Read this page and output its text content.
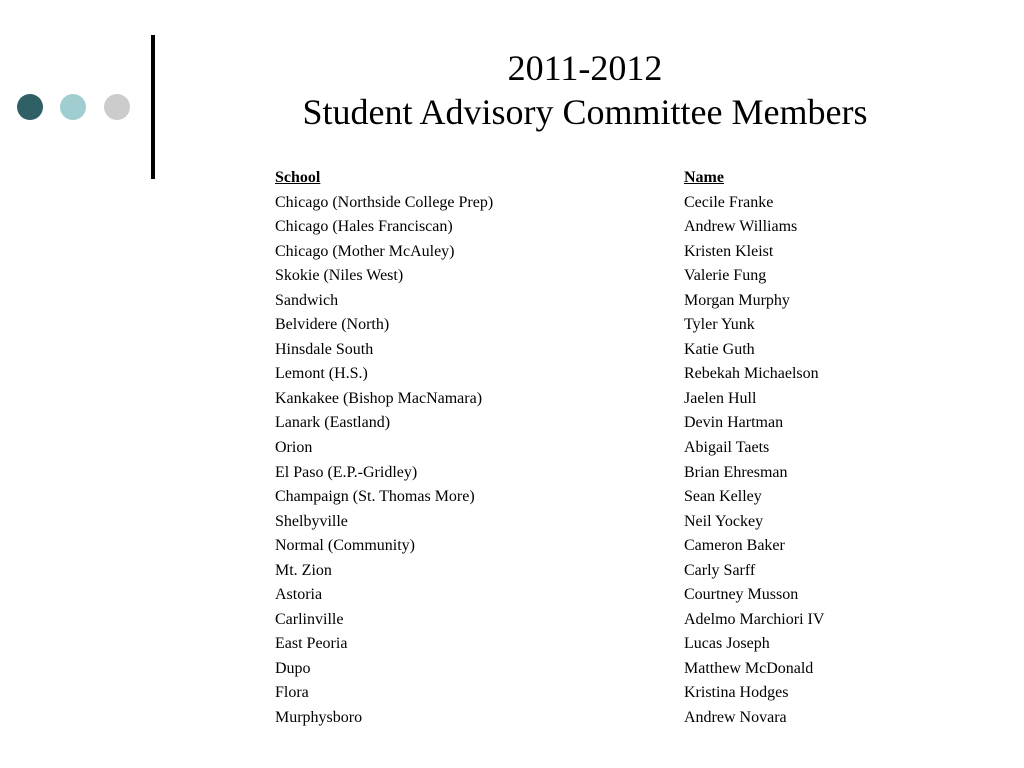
2011-2012
Student Advisory Committee Members
School	Name
Chicago (Northside College Prep)	Cecile Franke
Chicago (Hales Franciscan)	Andrew Williams
Chicago (Mother McAuley)	Kristen Kleist
Skokie (Niles West)	Valerie Fung
Sandwich	Morgan Murphy
Belvidere (North)	Tyler Yunk
Hinsdale South	Katie Guth
Lemont (H.S.)	Rebekah Michaelson
Kankakee (Bishop MacNamara)	Jaelen Hull
Lanark (Eastland)	Devin Hartman
Orion	Abigail Taets
El Paso (E.P.-Gridley)	Brian Ehresman
Champaign (St. Thomas More)	Sean Kelley
Shelbyville	Neil Yockey
Normal (Community)	Cameron Baker
Mt. Zion	Carly Sarff
Astoria	Courtney Musson
Carlinville	Adelmo Marchiori IV
East Peoria	Lucas Joseph
Dupo	Matthew McDonald
Flora	Kristina Hodges
Murphysboro	Andrew Novara
